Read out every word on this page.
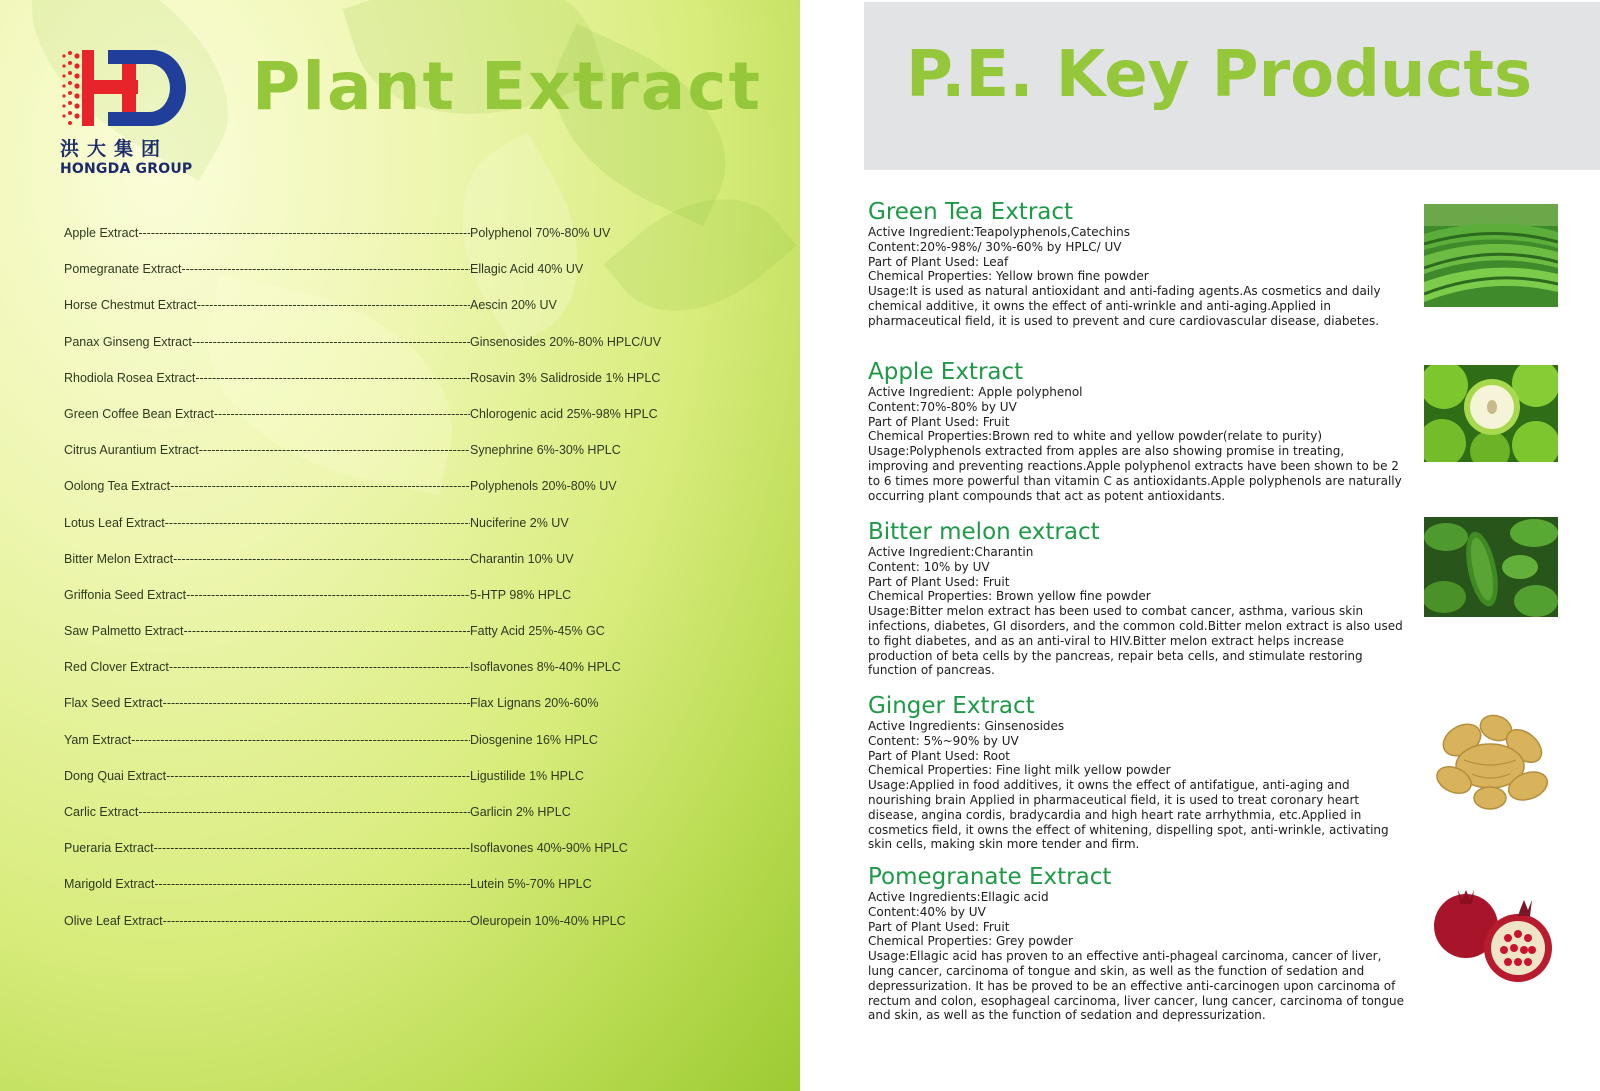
洪大集团
HONGDA GROUP
Plant Extract
Apple Extract -----	Polyphenol 70%-80% UV
Pomegranate Extract -----	Ellagic Acid 40% UV
Horse Chestmut Extract -----	Aescin 20% UV
Panax Ginseng Extract -----	Ginsenosides 20%-80% HPLC/UV
Rhodiola Rosea Extract -----	Rosavin 3% Salidroside 1% HPLC
Green Coffee Bean Extract -----	Chlorogenic acid 25%-98% HPLC
Citrus Aurantium Extract -----	Synephrine 6%-30% HPLC
Oolong Tea Extract -----	Polyphenols 20%-80% UV
Lotus Leaf Extract -----	Nuciferine 2% UV
Bitter Melon Extract -----	Charantin 10% UV
Griffonia Seed Extract -----	5-HTP 98% HPLC
Saw Palmetto Extract -----	Fatty Acid 25%-45% GC
Red Clover Extract -----	Isoflavones 8%-40% HPLC
Flax Seed Extract -----	Flax Lignans 20%-60%
Yam Extract -----	Diosgenine 16% HPLC
Dong Quai Extract -----	Ligustilide 1% HPLC
Carlic Extract -----	Garlicin 2% HPLC
Pueraria Extract -----	Isoflavones 40%-90% HPLC
Marigold Extract -----	Lutein 5%-70% HPLC
Olive Leaf Extract -----	Oleuropein 10%-40% HPLC
P.E. Key Products
Green Tea Extract
Active Ingredient:Teapolyphenols,Catechins
Content:20%-98%/ 30%-60% by HPLC/ UV
Part of Plant Used: Leaf
Chemical Properties: Yellow brown fine powder
Usage:It is used as natural antioxidant and anti-fading agents.As cosmetics and daily chemical additive, it owns the effect of anti-wrinkle and anti-aging.Applied in pharmaceutical field, it is used to prevent and cure cardiovascular disease, diabetes.
Apple Extract
Active Ingredient: Apple polyphenol
Content:70%-80% by UV
Part of Plant Used: Fruit
Chemical Properties:Brown red to white and yellow powder(relate to purity)
Usage:Polyphenols extracted from apples are also showing promise in treating, improving and preventing reactions.Apple polyphenol extracts have been shown to be 2 to 6 times more powerful than vitamin C as antioxidants.Apple polyphenols are naturally occurring plant compounds that act as potent antioxidants.
Bitter melon extract
Active Ingredient:Charantin
Content: 10% by UV
Part of Plant Used: Fruit
Chemical Properties: Brown yellow fine powder
Usage:Bitter melon extract has been used to combat cancer, asthma, various skin infections, diabetes, GI disorders, and the common cold.Bitter melon extract is also used to fight diabetes, and as an anti-viral to HIV.Bitter melon extract helps increase production of beta cells by the pancreas, repair beta cells, and stimulate restoring function of pancreas.
Ginger Extract
Active Ingredients: Ginsenosides
Content: 5%~90% by UV
Part of Plant Used: Root
Chemical Properties: Fine light milk yellow powder
Usage:Applied in food additives, it owns the effect of antifatigue, anti-aging and nourishing brain Applied in pharmaceutical field, it is used to treat coronary heart disease, angina cordis, bradycardia and high heart rate arrhythmia, etc.Applied in cosmetics field, it owns the effect of whitening, dispelling spot, anti-wrinkle, activating skin cells, making skin more tender and firm.
Pomegranate Extract
Active Ingredients:Ellagic acid
Content:40% by UV
Part of Plant Used: Fruit
Chemical Properties: Grey powder
Usage:Ellagic acid has proven to an effective anti-phageal carcinoma, cancer of liver, lung cancer, carcinoma of tongue and skin, as well as the function of sedation and depressurization. It has be proved to be an effective anti-carcinogen upon carcinoma of rectum and colon, esophageal carcinoma, liver cancer, lung cancer, carcinoma of tongue and skin, as well as the function of sedation and depressurization.
